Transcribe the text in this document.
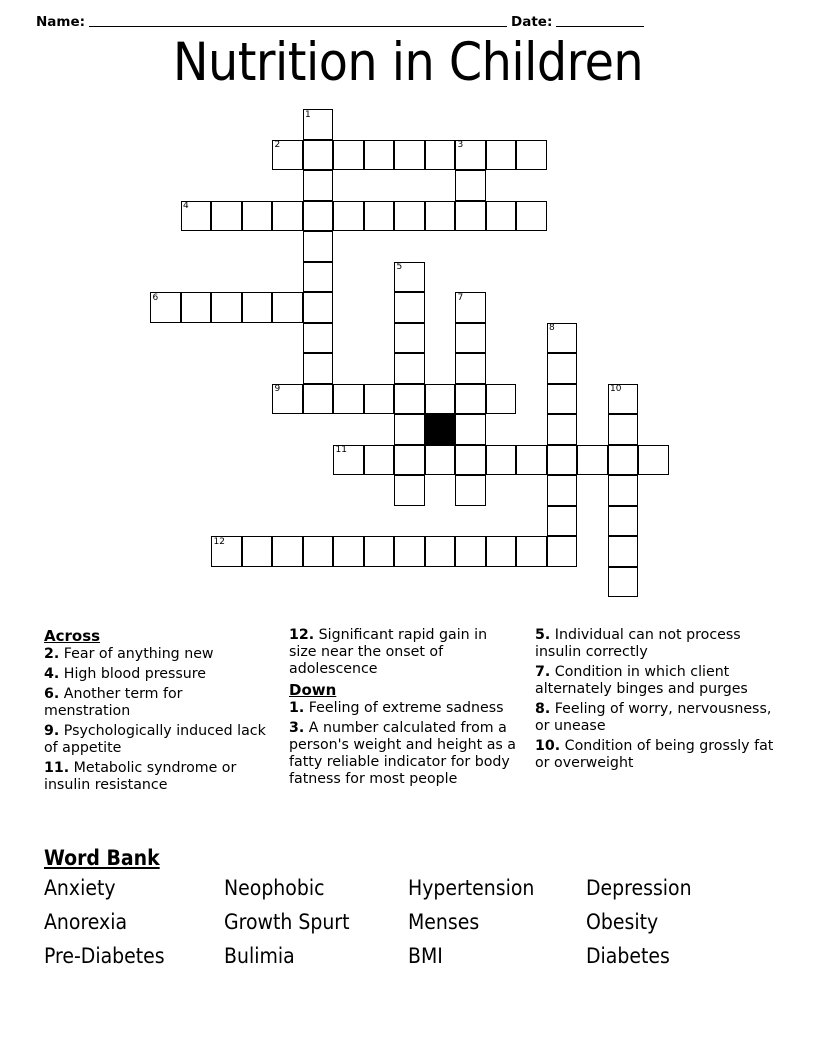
Name:	Date:
Nutrition in Children
1
2	3
4
5
6	7
8
9	10
11
12
Across
2. Fear of anything new
4. High blood pressure
6. Another term for menstration
9. Psychologically induced lack of appetite
11. Metabolic syndrome or insulin resistance
12. Significant rapid gain in size near the onset of adolescence
Down
1. Feeling of extreme sadness
3. A number calculated from a person's weight and height as a fatty reliable indicator for body fatness for most people
5. Individual can not process insulin correctly
7. Condition in which client alternately binges and purges
8. Feeling of worry, nervousness, or unease
10. Condition of being grossly fat or overweight
Word Bank
Anxiety	Neophobic	Hypertension	Depression
Anorexia	Growth Spurt	Menses	Obesity
Pre-Diabetes	Bulimia	BMI	Diabetes
